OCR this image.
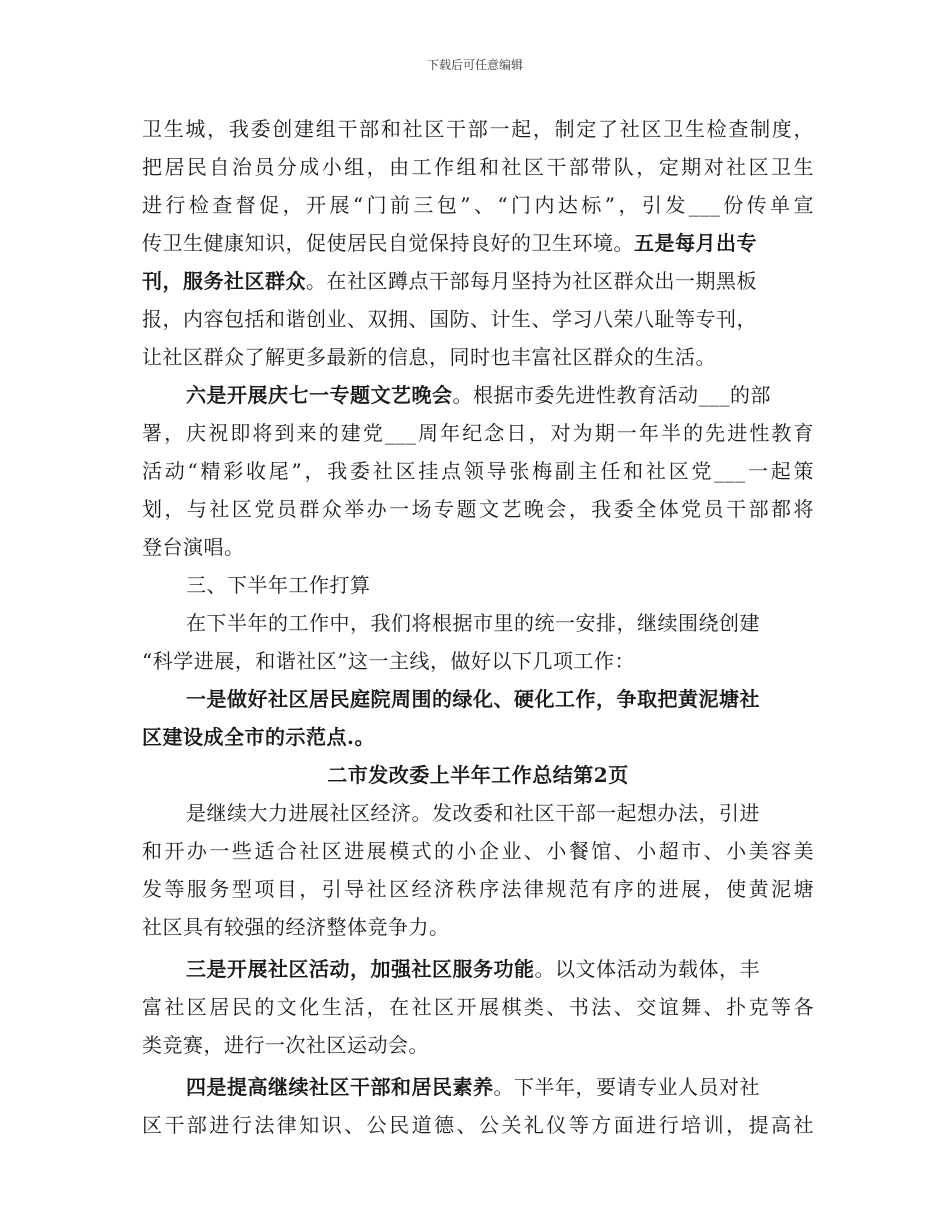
下载后可任意编辑
卫生城，我委创建组干部和社区干部一起，制定了社区卫生检查制度，
把居民自治员分成小组，由工作组和社区干部带队，定期对社区卫生
进行检查督促，开展“门前三包”、“门内达标”，引发___份传单宣
传卫生健康知识，促使居民自觉保持良好的卫生环境。五是每月出专
刊，服务社区群众。在社区蹲点干部每月坚持为社区群众出一期黑板
报，内容包括和谐创业、双拥、国防、计生、学习八荣八耻等专刊，
让社区群众了解更多最新的信息，同时也丰富社区群众的生活。
六是开展庆七一专题文艺晚会。根据市委先进性教育活动___的部
署，庆祝即将到来的建党___周年纪念日，对为期一年半的先进性教育
活动“精彩收尾”，我委社区挂点领导张梅副主任和社区党___一起策
划，与社区党员群众举办一场专题文艺晚会，我委全体党员干部都将
登台演唱。
三、下半年工作打算
在下半年的工作中，我们将根据市里的统一安排，继续围绕创建
“科学进展，和谐社区”这一主线，做好以下几项工作：
一是做好社区居民庭院周围的绿化、硬化工作，争取把黄泥塘社
区建设成全市的示范点.。
二市发改委上半年工作总结第2页
是继续大力进展社区经济。发改委和社区干部一起想办法，引进
和开办一些适合社区进展模式的小企业、小餐馆、小超市、小美容美
发等服务型项目，引导社区经济秩序法律规范有序的进展，使黄泥塘
社区具有较强的经济整体竞争力。
三是开展社区活动，加强社区服务功能。以文体活动为载体，丰
富社区居民的文化生活，在社区开展棋类、书法、交谊舞、扑克等各
类竞赛，进行一次社区运动会。
四是提高继续社区干部和居民素养。下半年，要请专业人员对社
区干部进行法律知识、公民道德、公关礼仪等方面进行培训，提高社
